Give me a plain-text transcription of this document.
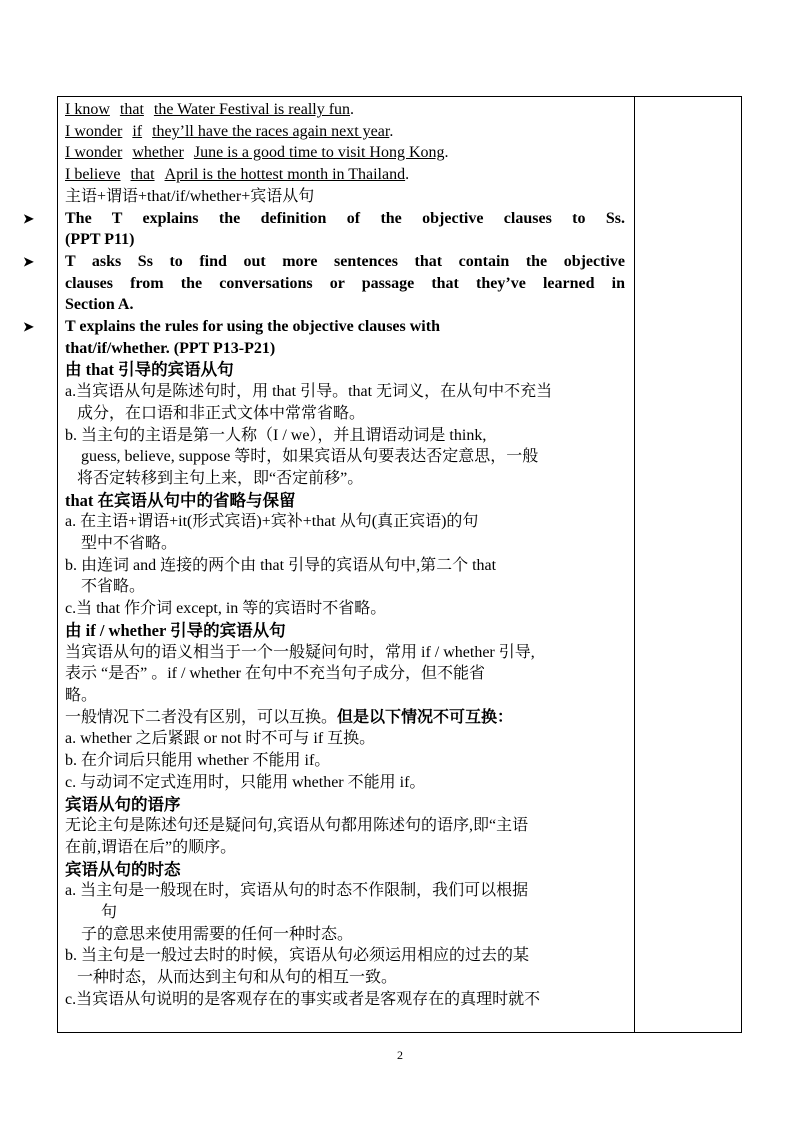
I know that the Water Festival is really fun.
I wonder if they’ll have the races again next year.
I wonder whether June is a good time to visit Hong Kong.
I believe that April is the hottest month in Thailand.
主语+谓语+that/if/whether+宾语从句
➤	The T explains the definition of the objective clauses to Ss.
(PPT P11)
➤	T asks Ss to find out more sentences that contain the objective
clauses from the conversations or passage that they’ve learned in
Section A.
➤	T explains the rules for using the objective clauses with
that/if/whether. (PPT P13-P21)
由 that 引导的宾语从句
a.当宾语从句是陈述句时，用 that 引导。that 无词义，在从句中不充当
成分，在口语和非正式文体中常常省略。
b. 当主句的主语是第一人称（I / we），并且谓语动词是 think,
guess, believe, suppose 等时，如果宾语从句要表达否定意思，一般
将否定转移到主句上来，即“否定前移”。
that 在宾语从句中的省略与保留
a. 在主语+谓语+it(形式宾语)+宾补+that 从句(真正宾语)的句
型中不省略。
b. 由连词 and 连接的两个由 that 引导的宾语从句中,第二个 that
不省略。
c.当 that 作介词 except, in 等的宾语时不省略。
由 if / whether 引导的宾语从句
当宾语从句的语义相当于一个一般疑问句时，常用 if / whether 引导,
表示 “是否” 。if / whether 在句中不充当句子成分，但不能省
略。
一般情况下二者没有区别，可以互换。但是以下情况不可互换：
a. whether 之后紧跟 or not 时不可与 if 互换。
b. 在介词后只能用 whether 不能用 if。
c. 与动词不定式连用时，只能用 whether 不能用 if。
宾语从句的语序
无论主句是陈述句还是疑问句,宾语从句都用陈述句的语序,即“主语
在前,谓语在后”的顺序。
宾语从句的时态
a. 当主句是一般现在时，宾语从句的时态不作限制，我们可以根据
句
子的意思来使用需要的任何一种时态。
b. 当主句是一般过去时的时候，宾语从句必须运用相应的过去的某
一种时态，从而达到主句和从句的相互一致。
c.当宾语从句说明的是客观存在的事实或者是客观存在的真理时就不
2
